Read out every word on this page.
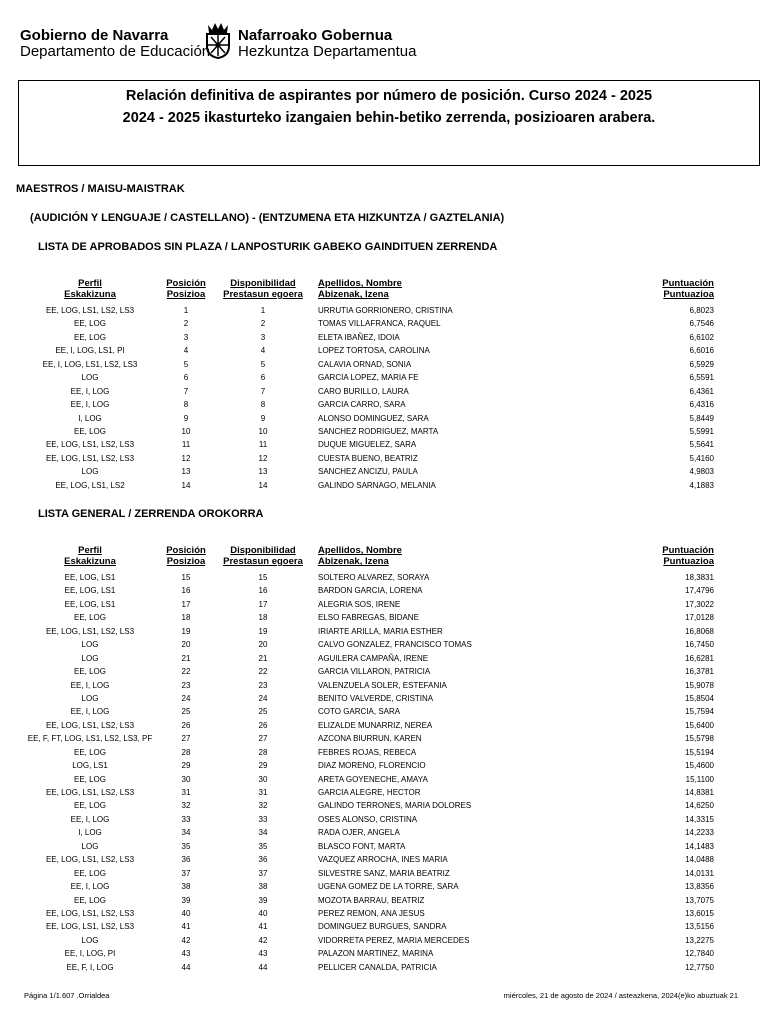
Gobierno de Navarra
Departamento de Educación
Nafarroako Gobernua
Hezkuntza Departamentua
Relación definitiva de aspirantes por número de posición. Curso 2024 - 2025
2024 - 2025 ikasturteko izangaien behin-betiko zerrenda, posizioaren arabera.
MAESTROS / MAISU-MAISTRAK
(AUDICIÓN Y LENGUAJE / CASTELLANO) - (ENTZUMENA ETA HIZKUNTZA / GAZTELANIA)
LISTA DE APROBADOS SIN PLAZA / LANPOSTURIK GABEKO GAINDITUEN ZERRENDA
Perfil
Eskakizuna
Posición
Posizioa
Disponibilidad
Prestasun egoera
Apellidos, Nombre
Abizenak, Izena
Puntuación
Puntuazioa
EE, LOG, LS1, LS2, LS3	1	1	URRUTIA GORRIONERO, CRISTINA	6,8023
EE, LOG	2	2	TOMAS VILLAFRANCA, RAQUEL	6,7546
EE, LOG	3	3	ELETA IBAÑEZ, IDOIA	6,6102
EE, I, LOG, LS1, PI	4	4	LOPEZ TORTOSA, CAROLINA	6,6016
EE, I, LOG, LS1, LS2, LS3	5	5	CALAVIA ORNAD, SONIA	6,5929
LOG	6	6	GARCIA LOPEZ, MARIA FE	6,5591
EE, I, LOG	7	7	CARO BURILLO, LAURA	6,4361
EE, I, LOG	8	8	GARCIA CARRO, SARA	6,4316
I, LOG	9	9	ALONSO DOMINGUEZ, SARA	5,8449
EE, LOG	10	10	SANCHEZ RODRIGUEZ, MARTA	5,5991
EE, LOG, LS1, LS2, LS3	11	11	DUQUE MIGUELEZ, SARA	5,5641
EE, LOG, LS1, LS2, LS3	12	12	CUESTA BUENO, BEATRIZ	5,4160
LOG	13	13	SANCHEZ ANCIZU, PAULA	4,9803
EE, LOG, LS1, LS2	14	14	GALINDO SARNAGO, MELANIA	4,1883
LISTA GENERAL / ZERRENDA OROKORRA
Perfil
Eskakizuna
Posición
Posizioa
Disponibilidad
Prestasun egoera
Apellidos, Nombre
Abizenak, Izena
Puntuación
Puntuazioa
EE, LOG, LS1	15	15	SOLTERO ALVAREZ, SORAYA	18,3831
EE, LOG, LS1	16	16	BARDON GARCIA, LORENA	17,4796
EE, LOG, LS1	17	17	ALEGRIA SOS, IRENE	17,3022
EE, LOG	18	18	ELSO FABREGAS, BIDANE	17,0128
EE, LOG, LS1, LS2, LS3	19	19	IRIARTE ARILLA, MARIA ESTHER	16,8068
LOG	20	20	CALVO GONZALEZ, FRANCISCO TOMAS	16,7450
LOG	21	21	AGUILERA CAMPAÑA, IRENE	16,6281
EE, LOG	22	22	GARCIA VILLARON, PATRICIA	16,3781
EE, I, LOG	23	23	VALENZUELA SOLER, ESTEFANIA	15,9078
LOG	24	24	BENITO VALVERDE, CRISTINA	15,8504
EE, I, LOG	25	25	COTO GARCIA, SARA	15,7594
EE, LOG, LS1, LS2, LS3	26	26	ELIZALDE MUNARRIZ, NEREA	15,6400
EE, F, FT, LOG, LS1, LS2, LS3, PF	27	27	AZCONA BIURRUN, KAREN	15,5798
EE, LOG	28	28	FEBRES ROJAS, REBECA	15,5194
LOG, LS1	29	29	DIAZ MORENO, FLORENCIO	15,4600
EE, LOG	30	30	ARETA GOYENECHE, AMAYA	15,1100
EE, LOG, LS1, LS2, LS3	31	31	GARCIA ALEGRE, HECTOR	14,8381
EE, LOG	32	32	GALINDO TERRONES, MARIA DOLORES	14,6250
EE, I, LOG	33	33	OSES ALONSO, CRISTINA	14,3315
I, LOG	34	34	RADA OJER, ANGELA	14,2233
LOG	35	35	BLASCO FONT, MARTA	14,1483
EE, LOG, LS1, LS2, LS3	36	36	VAZQUEZ ARROCHA, INES MARIA	14,0488
EE, LOG	37	37	SILVESTRE SANZ, MARIA BEATRIZ	14,0131
EE, I, LOG	38	38	UGENA GOMEZ DE LA TORRE, SARA	13,8356
EE, LOG	39	39	MOZOTA BARRAU, BEATRIZ	13,7075
EE, LOG, LS1, LS2, LS3	40	40	PEREZ REMON, ANA JESUS	13,6015
EE, LOG, LS1, LS2, LS3	41	41	DOMINGUEZ BURGUES, SANDRA	13,5156
LOG	42	42	VIDORRETA PEREZ, MARIA MERCEDES	13,2275
EE, I, LOG, PI	43	43	PALAZON MARTINEZ, MARINA	12,7840
EE, F, I, LOG	44	44	PELLICER CANALDA, PATRICIA	12,7750
Página 1/1.607 .Orrialdea	miércoles, 21 de agosto de 2024 / asteazkena, 2024(e)ko abuztuak 21
